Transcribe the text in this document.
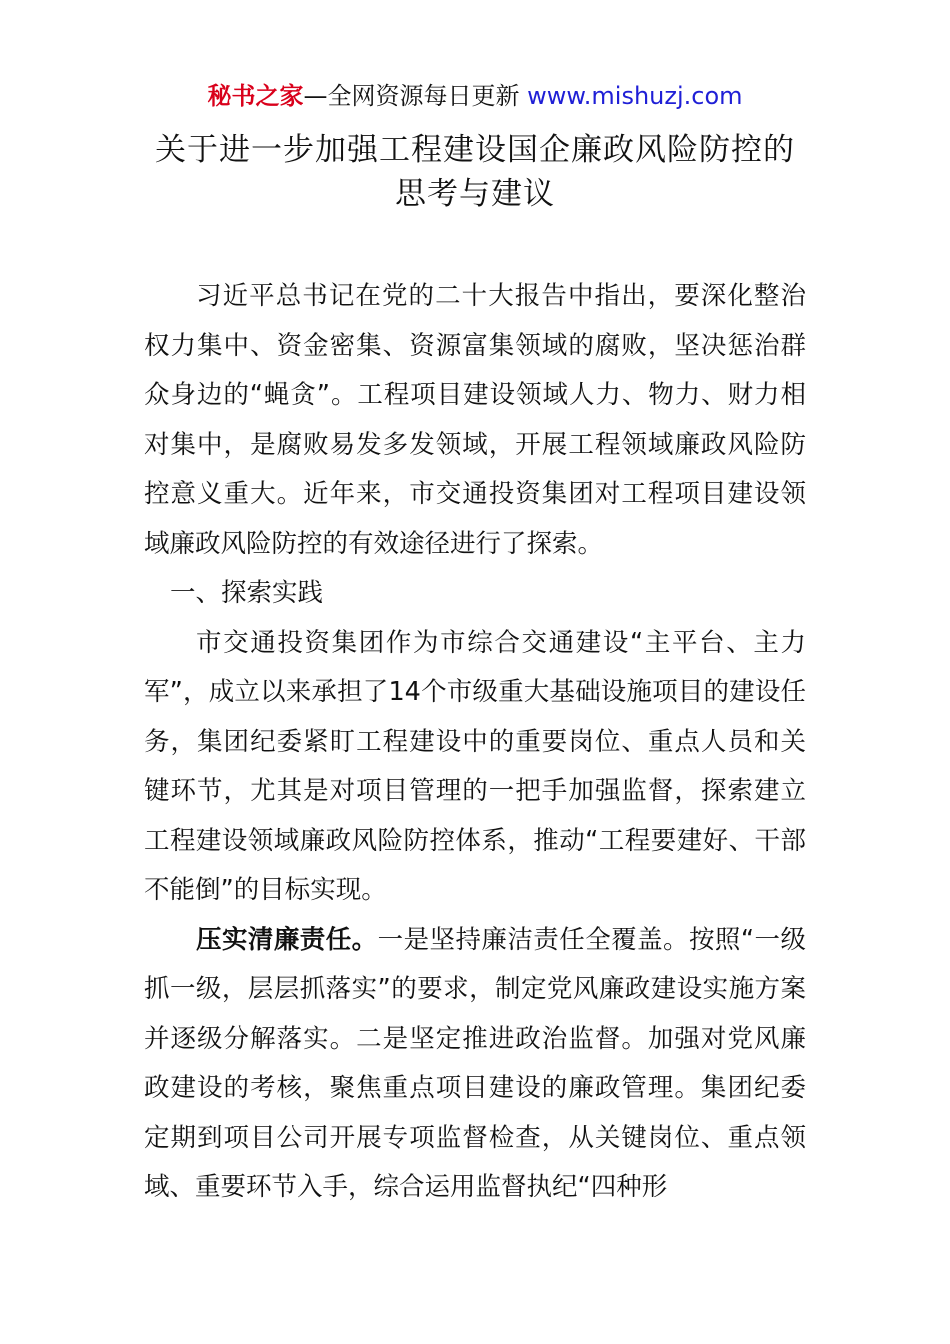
秘书之家—全网资源每日更新 www.mishuzj.com
关于进一步加强工程建设国企廉政风险防控的
思考与建议

习近平总书记在党的二十大报告中指出，要深化整治权力集中、资金密集、资源富集领域的腐败，坚决惩治群众身边的“蝇贪”。工程项目建设领域人力、物力、财力相对集中，是腐败易发多发领域，开展工程领域廉政风险防控意义重大。近年来，市交通投资集团对工程项目建设领域廉政风险防控的有效途径进行了探索。

一、探索实践

市交通投资集团作为市综合交通建设“主平台、主力军”，成立以来承担了14个市级重大基础设施项目的建设任务，集团纪委紧盯工程建设中的重要岗位、重点人员和关键环节，尤其是对项目管理的一把手加强监督，探索建立工程建设领域廉政风险防控体系，推动“工程要建好、干部不能倒”的目标实现。

压实清廉责任。一是坚持廉洁责任全覆盖。按照“一级抓一级，层层抓落实”的要求，制定党风廉政建设实施方案并逐级分解落实。二是坚定推进政治监督。加强对党风廉政建设的考核，聚焦重点项目建设的廉政管理。集团纪委定期到项目公司开展专项监督检查，从关键岗位、重点领域、重要环节入手，综合运用监督执纪“四种形
